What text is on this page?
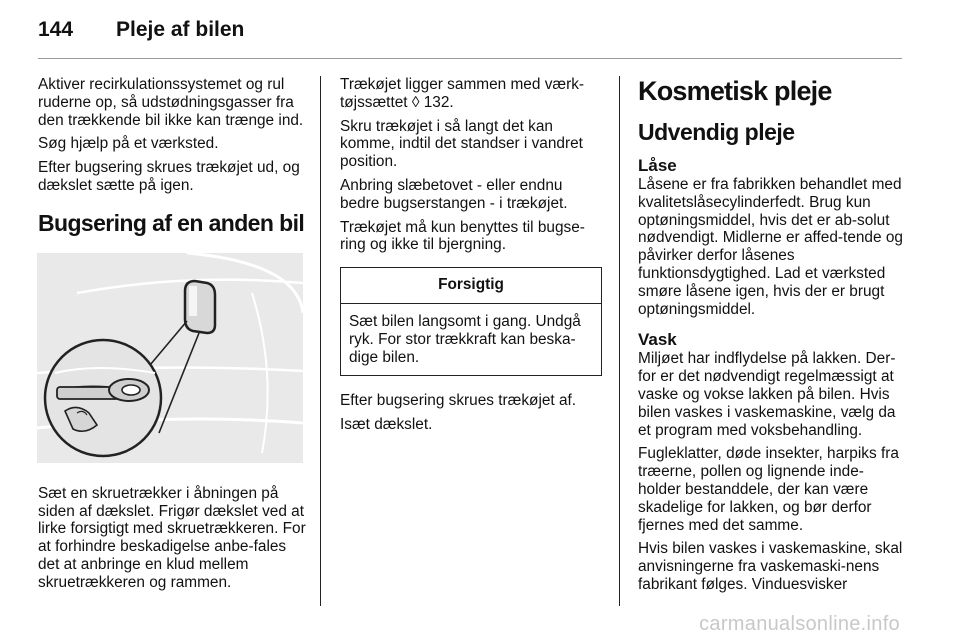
144	Pleje af bilen

Aktiver recirkulationssystemet og rul ruderne op, så udstødningsgasser fra den trækkende bil ikke kan trænge ind.

Søg hjælp på et værksted.

Efter bugsering skrues trækøjet ud, og dækslet sætte på igen.

Bugsering af en anden bil

Sæt en skruetrækker i åbningen på siden af dækslet. Frigør dækslet ved at lirke forsigtigt med skruetrækkeren. For at forhindre beskadigelse anbe-fales det at anbringe en klud mellem skruetrækkeren og rammen.

Trækøjet ligger sammen med værk-tøjssættet ◊ 132.

Skru trækøjet i så langt det kan komme, indtil det standser i vandret position.

Anbring slæbetovet - eller endnu bedre bugserstangen - i trækøjet.

Trækøjet må kun benyttes til bugse-ring og ikke til bjergning.

Forsigtig
Sæt bilen langsomt i gang. Undgå ryk. For stor trækkraft kan beska-dige bilen.

Efter bugsering skrues trækøjet af.

Isæt dækslet.

Kosmetisk pleje
Udvendig pleje
Låse

Låsene er fra fabrikken behandlet med kvalitetslåsecylinderfedt. Brug kun optøningsmiddel, hvis det er ab-solut nødvendigt. Midlerne er affed-tende og påvirker derfor låsenes funktionsdygtighed. Lad et værksted smøre låsene igen, hvis der er brugt optøningsmiddel.

Vask

Miljøet har indflydelse på lakken. Der-for er det nødvendigt regelmæssigt at vaske og vokse lakken på bilen. Hvis bilen vaskes i vaskemaskine, vælg da et program med voksbehandling.

Fugleklatter, døde insekter, harpiks fra træerne, pollen og lignende inde-holder bestanddele, der kan være skadelige for lakken, og bør derfor fjernes med det samme.

Hvis bilen vaskes i vaskemaskine, skal anvisningerne fra vaskemaski-nens fabrikant følges. Vinduesvisker

carmanualsonline.info
